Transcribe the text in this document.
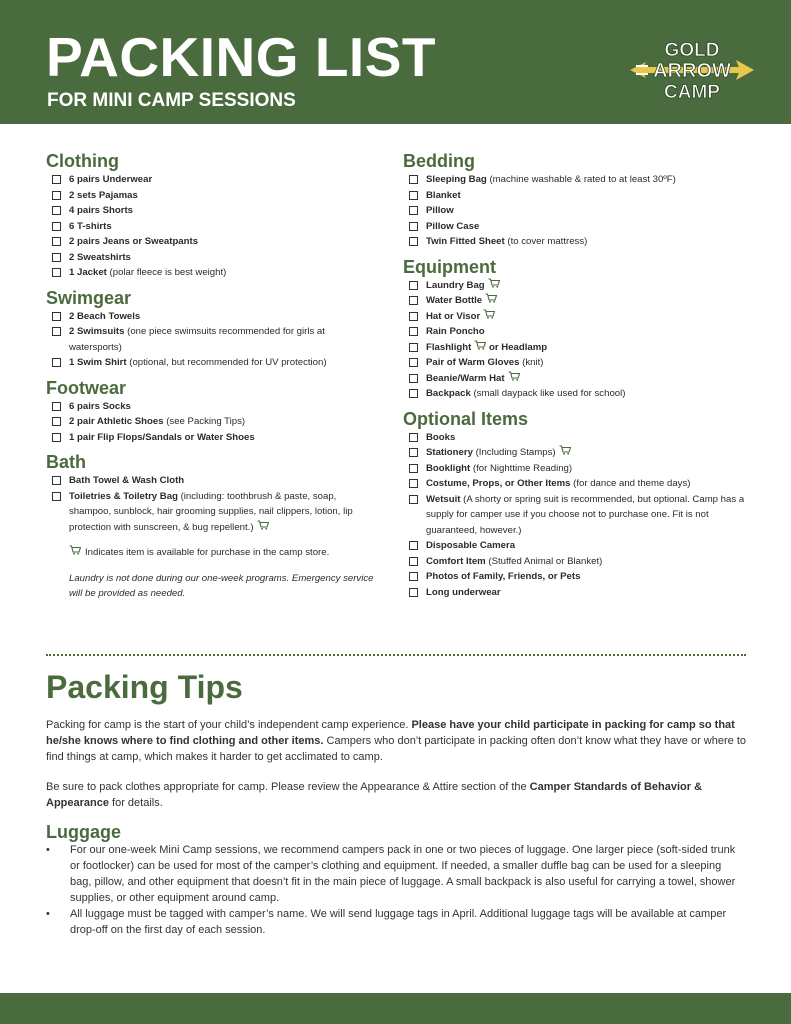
PACKING LIST
FOR MINI CAMP SESSIONS
GOLD
ARROW
CAMP
Clothing
6 pairs Underwear
2 sets Pajamas
4 pairs Shorts
6 T-shirts
2 pairs Jeans or Sweatpants
2 Sweatshirts
1 Jacket (polar fleece is best weight)
Swimgear
2 Beach Towels
2 Swimsuits (one piece swimsuits recommended for girls at watersports)
1 Swim Shirt (optional, but recommended for UV protection)
Footwear
6 pairs Socks
2 pair Athletic Shoes (see Packing Tips)
1 pair Flip Flops/Sandals or Water Shoes
Bath
Bath Towel & Wash Cloth
Toiletries & Toiletry Bag (including: toothbrush & paste, soap, shampoo, sunblock, hair grooming supplies, nail clippers, lotion, lip protection with sunscreen, & bug repellent.)
Indicates item is available for purchase in the camp store.
Laundry is not done during our one-week programs. Emergency service will be provided as needed.
Bedding
Sleeping Bag (machine washable & rated to at least 30ºF)
Blanket
Pillow
Pillow Case
Twin Fitted Sheet (to cover mattress)
Equipment
Laundry Bag
Water Bottle
Hat or Visor
Rain Poncho
Flashlight or Headlamp
Pair of Warm Gloves (knit)
Beanie/Warm Hat
Backpack (small daypack like used for school)
Optional Items
Books
Stationery (Including Stamps)
Booklight (for Nighttime Reading)
Costume, Props, or Other Items (for dance and theme days)
Wetsuit (A shorty or spring suit is recommended, but optional. Camp has a supply for camper use if you choose not to purchase one. Fit is not guaranteed, however.)
Disposable Camera
Comfort Item (Stuffed Animal or Blanket)
Photos of Family, Friends, or Pets
Long underwear
Packing Tips

Packing for camp is the start of your child’s independent camp experience. Please have your child participate in packing for camp so that he/she knows where to find clothing and other items. Campers who don’t participate in packing often don’t know what they have or where to find things at camp, which makes it harder to get acclimated to camp.

Be sure to pack clothes appropriate for camp. Please review the Appearance & Attire section of the Camper Standards of Behavior & Appearance for details.

Luggage
• For our one-week Mini Camp sessions, we recommend campers pack in one or two pieces of luggage. One larger piece (soft-sided trunk or footlocker) can be used for most of the camper’s clothing and equipment. If needed, a smaller duffle bag can be used for a sleeping bag, pillow, and other equipment that doesn’t fit in the main piece of luggage. A small backpack is also useful for carrying a towel, shower supplies, or other equipment around camp.
• All luggage must be tagged with camper’s name. We will send luggage tags in April. Additional luggage tags will be available at camper drop-off on the first day of each session.
